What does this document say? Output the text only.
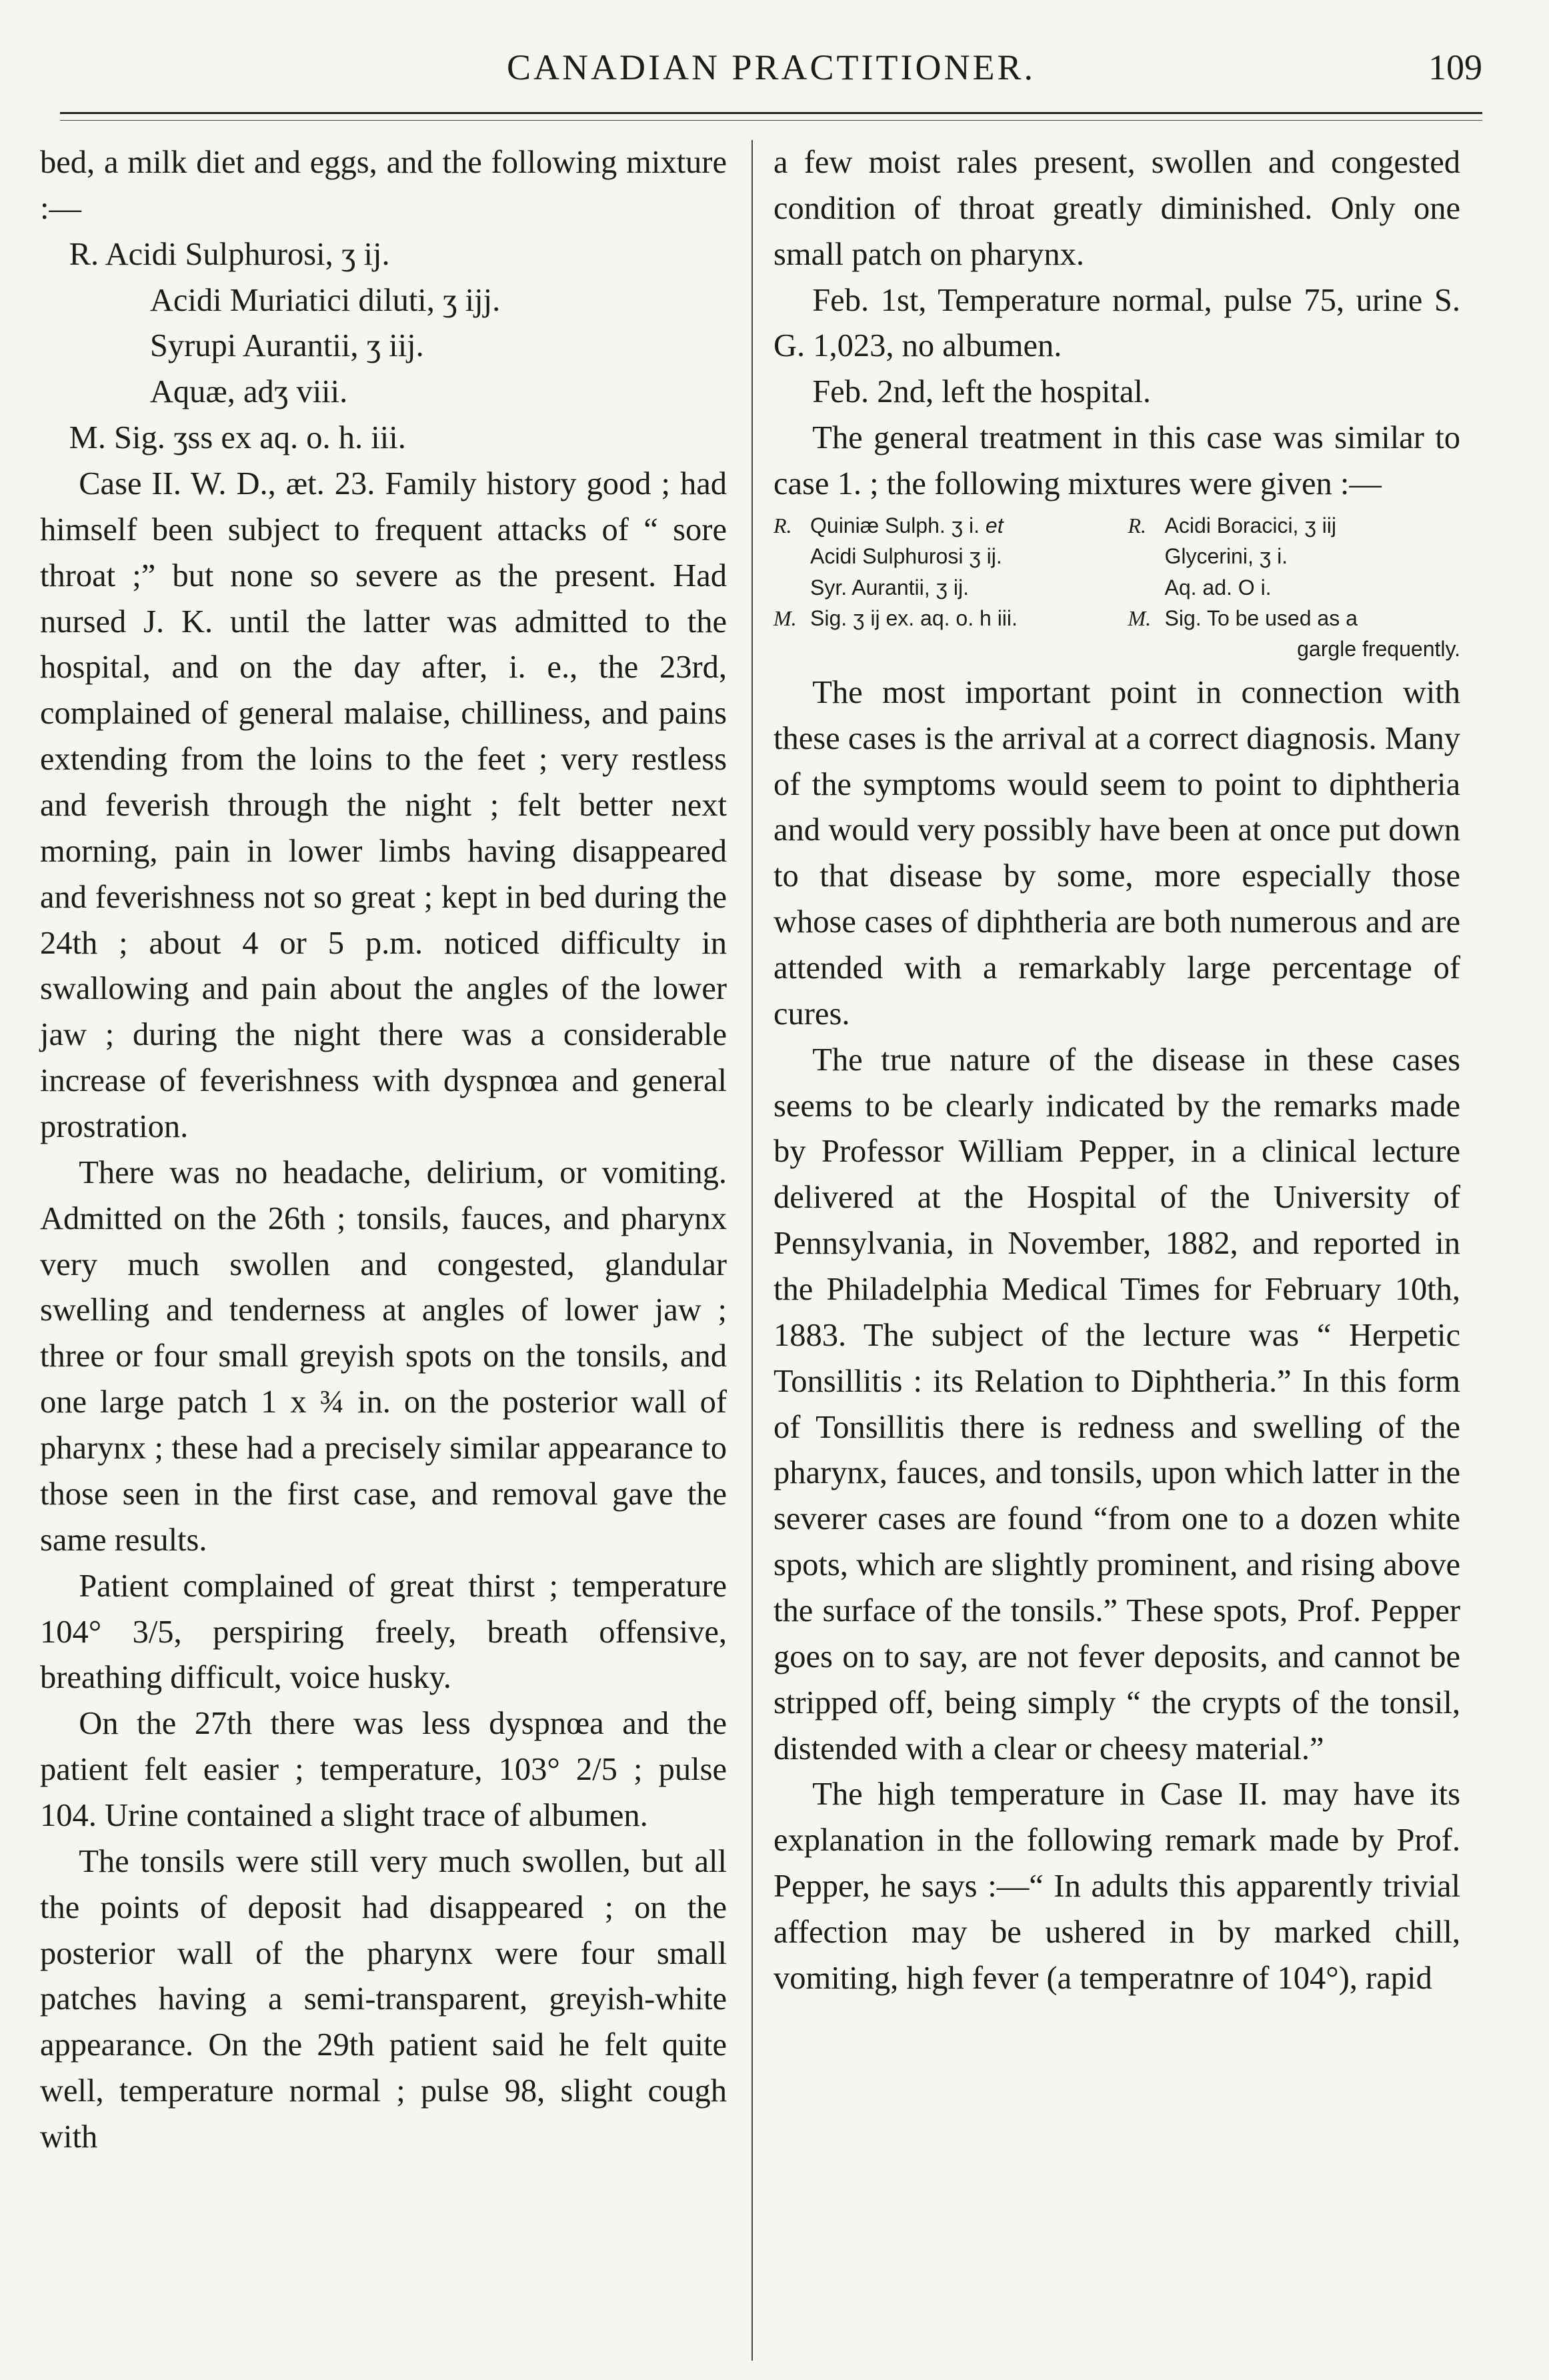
CANADIAN PRACTITIONER.	109

bed, a milk diet and eggs, and the following mixture :—

R. Acidi Sulphurosi, ʒ ij.

Acidi Muriatici diluti, ʒ ijj.

Syrupi Aurantii, ʒ iij.

Aquæ, adʒ viii.

M. Sig. ʒss ex aq. o. h. iii.

Case II. W. D., æt. 23. Family history good ; had himself been subject to frequent attacks of “ sore throat ;” but none so severe as the present. Had nursed J. K. until the latter was admitted to the hospital, and on the day after, i. e., the 23rd, complained of general malaise, chilliness, and pains extending from the loins to the feet ; very restless and feverish through the night ; felt better next morning, pain in lower limbs having disappeared and feverishness not so great ; kept in bed during the 24th ; about 4 or 5 p.m. noticed difficulty in swallowing and pain about the angles of the lower jaw ; during the night there was a considerable increase of feverishness with dyspnœa and general prostration.

There was no headache, delirium, or vomiting. Admitted on the 26th ; tonsils, fauces, and pharynx very much swollen and congested, glandular swelling and tenderness at angles of lower jaw ; three or four small greyish spots on the tonsils, and one large patch 1 x ¾ in. on the posterior wall of pharynx ; these had a precisely similar appearance to those seen in the first case, and removal gave the same results.

Patient complained of great thirst ; temperature 104° 3/5, perspiring freely, breath offensive, breathing difficult, voice husky.

On the 27th there was less dyspnœa and the patient felt easier ; temperature, 103° 2/5 ; pulse 104. Urine contained a slight trace of albumen.

The tonsils were still very much swollen, but all the points of deposit had disappeared ; on the posterior wall of the pharynx were four small patches having a semi-transparent, greyish-white appearance. On the 29th patient said he felt quite well, temperature normal ; pulse 98, slight cough with

a few moist rales present, swollen and congested condition of throat greatly diminished. Only one small patch on pharynx.

Feb. 1st, Temperature normal, pulse 75, urine S. G. 1,023, no albumen.

Feb. 2nd, left the hospital.

The general treatment in this case was similar to case 1. ; the following mixtures were given :—

R.	Quiniæ Sulph. ʒ i. et	R.	Acidi Boracici, ʒ iij
	Acidi Sulphurosi ʒ ij.		Glycerini, ʒ i.
	Syr. Aurantii, ʒ ij.		Aq. ad. O i.
M.	Sig. ʒ ij ex. aq. o. h iii.	M.	Sig. To be used as a
			gargle frequently.

The most important point in connection with these cases is the arrival at a correct diagnosis. Many of the symptoms would seem to point to diphtheria and would very possibly have been at once put down to that disease by some, more especially those whose cases of diphtheria are both numerous and are attended with a remarkably large percentage of cures.

The true nature of the disease in these cases seems to be clearly indicated by the remarks made by Professor William Pepper, in a clinical lecture delivered at the Hospital of the University of Pennsylvania, in November, 1882, and reported in the Philadelphia Medical Times for February 10th, 1883. The subject of the lecture was “ Herpetic Tonsillitis : its Relation to Diphtheria.” In this form of Tonsillitis there is redness and swelling of the pharynx, fauces, and tonsils, upon which latter in the severer cases are found “from one to a dozen white spots, which are slightly prominent, and rising above the surface of the tonsils.” These spots, Prof. Pepper goes on to say, are not fever deposits, and cannot be stripped off, being simply “ the crypts of the tonsil, distended with a clear or cheesy material.”

The high temperature in Case II. may have its explanation in the following remark made by Prof. Pepper, he says :—“ In adults this apparently trivial affection may be ushered in by marked chill, vomiting, high fever (a temperatnre of 104°), rapid
